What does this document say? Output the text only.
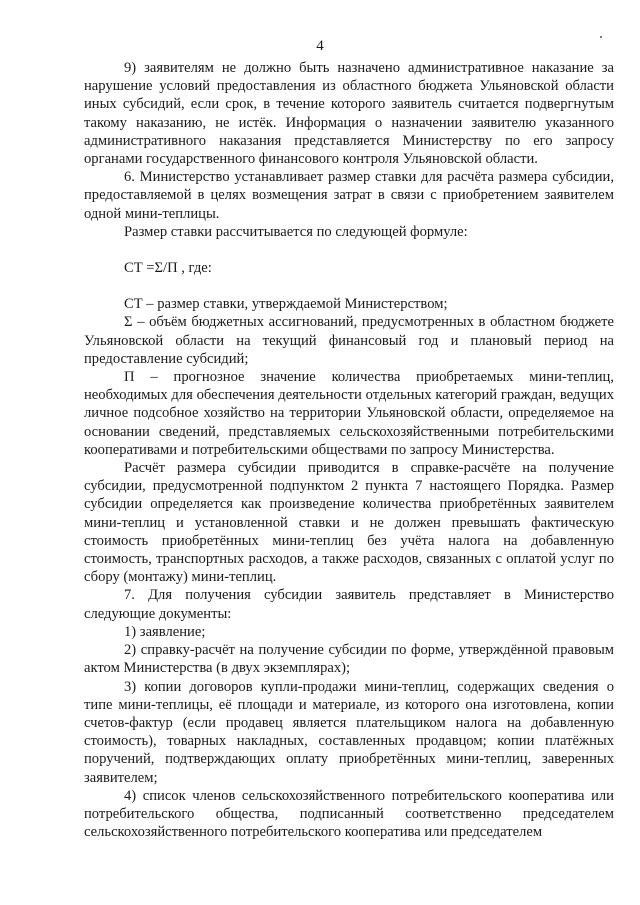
4

9) заявителям не должно быть назначено административное наказание за нарушение условий предоставления из областного бюджета Ульяновской области иных субсидий, если срок, в течение которого заявитель считается подвергнутым такому наказанию, не истёк. Информация о назначении заявителю указанного административного наказания представляется Министерству по его запросу органами государственного финансового контроля Ульяновской области.

6. Министерство устанавливает размер ставки для расчёта размера субсидии, предоставляемой в целях возмещения затрат в связи с приобретением заявителем одной мини-теплицы.

Размер ставки рассчитывается по следующей формуле:

СТ =Σ/П , где:

СТ – размер ставки, утверждаемой Министерством;

Σ – объём бюджетных ассигнований, предусмотренных в областном бюджете Ульяновской области на текущий финансовый год и плановый период на предоставление субсидий;

П – прогнозное значение количества приобретаемых мини-теплиц, необходимых для обеспечения деятельности отдельных категорий граждан, ведущих личное подсобное хозяйство на территории Ульяновской области, определяемое на основании сведений, представляемых сельскохозяйственными потребительскими кооперативами и потребительскими обществами по запросу Министерства.

Расчёт размера субсидии приводится в справке-расчёте на получение субсидии, предусмотренной подпунктом 2 пункта 7 настоящего Порядка. Размер субсидии определяется как произведение количества приобретённых заявителем мини-теплиц и установленной ставки и не должен превышать фактическую стоимость приобретённых мини-теплиц без учёта налога на добавленную стоимость, транспортных расходов, а также расходов, связанных с оплатой услуг по сбору (монтажу) мини-теплиц.

7. Для получения субсидии заявитель представляет в Министерство следующие документы:

1) заявление;

2) справку-расчёт на получение субсидии по форме, утверждённой правовым актом Министерства (в двух экземплярах);

3) копии договоров купли-продажи мини-теплиц, содержащих сведения о типе мини-теплицы, её площади и материале, из которого она изготовлена, копии счетов-фактур (если продавец является плательщиком налога на добавленную стоимость), товарных накладных, составленных продавцом; копии платёжных поручений, подтверждающих оплату приобретённых мини-теплиц, заверенных заявителем;

4) список членов сельскохозяйственного потребительского кооператива или потребительского общества, подписанный соответственно председателем сельскохозяйственного потребительского кооператива или председателем
